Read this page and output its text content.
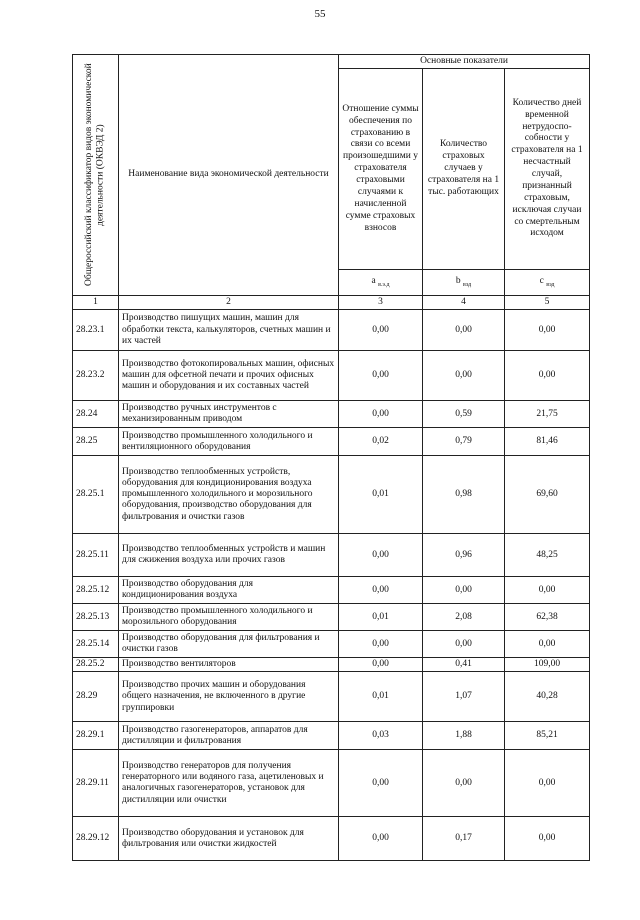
55
Общероссийский классификатор видов экономической деятельности (ОКВЭД 2)	Наименование вида экономической деятельности	Основные показатели		
		Отношение суммы обеспечения по страхованию в связи со всеми произошедшими у страхователя страховыми случаями к начисленной сумме страховых взносов	Количество страховых случаев у страхователя на 1 тыс. работающих	Количество дней временной нетрудоспо-собности у страхователя на 1 несчастный случай, признанный страховым, исключая случаи со смертельным исходом
		a $_{в.э.д}$	b $_{вэд}$	c $_{вэд}$
1	2	3	4	5
28.23.1	Производство пишущих машин, машин для обработки текста, калькуляторов, счетных машин и их частей	0,00	0,00	0,00
28.23.2	Производство фотокопировальных машин, офисных машин для офсетной печати и прочих офисных машин и оборудования и их составных частей	0,00	0,00	0,00
28.24	Производство ручных инструментов с механизированным приводом	0,00	0,59	21,75
28.25	Производство промышленного холодильного и вентиляционного оборудования	0,02	0,79	81,46
28.25.1	Производство теплообменных устройств, оборудования для кондиционирования воздуха промышленного холодильного и морозильного оборудования, производство оборудования для фильтрования и очистки газов	0,01	0,98	69,60
28.25.11	Производство теплообменных устройств и машин для сжижения воздуха или прочих газов	0,00	0,96	48,25
28.25.12	Производство оборудования для кондиционирования воздуха	0,00	0,00	0,00
28.25.13	Производство промышленного холодильного и морозильного оборудования	0,01	2,08	62,38
28.25.14	Производство оборудования для фильтрования и очистки газов	0,00	0,00	0,00
28.25.2	Производство вентиляторов	0,00	0,41	109,00
28.29	Производство прочих машин и оборудования общего назначения, не включенного в другие группировки	0,01	1,07	40,28
28.29.1	Производство газогенераторов, аппаратов для дистилляции и фильтрования	0,03	1,88	85,21
28.29.11	Производство генераторов для получения генераторного или водяного газа, ацетиленовых и аналогичных газогенераторов, установок для дистилляции или очистки	0,00	0,00	0,00
28.29.12	Производство оборудования и установок для фильтрования или очистки жидкостей	0,00	0,17	0,00
